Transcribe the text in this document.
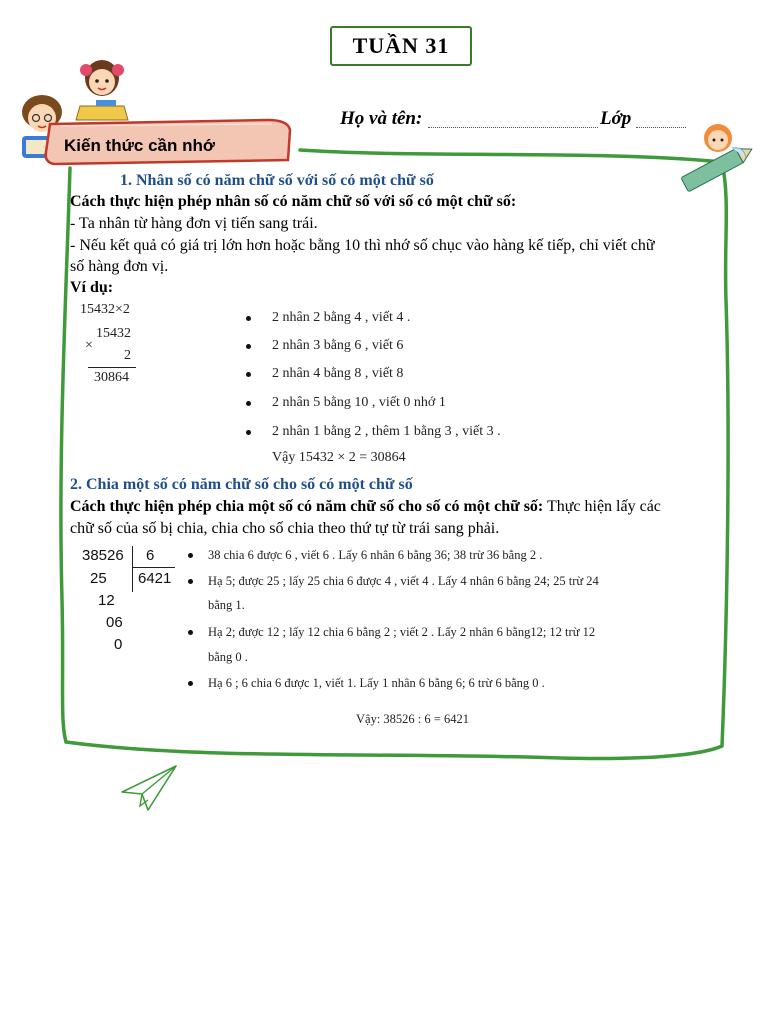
TUẦN 31
Kiến thức cần nhớ
Họ và tên:	Lớp
1. Nhân số có năm chữ số với số có một chữ số
Cách thực hiện phép nhân số có năm chữ số với số có một chữ số:
- Ta nhân từ hàng đơn vị tiến sang trái.
- Nếu kết quả có giá trị lớn hơn hoặc bằng 10 thì nhớ số chục vào hàng kế tiếp, chỉ viết chữ
số hàng đơn vị.
Ví dụ:
15432×2
15432
×
2
30864
2 nhân 2 bằng 4 , viết 4 .
2 nhân 3 bằng 6 , viết 6
2 nhân 4 bằng 8 , viết 8
2 nhân 5 bằng 10 , viết 0 nhớ 1
2 nhân 1 bằng 2 , thêm 1 bằng 3 , viết 3 .
Vậy 15432 × 2 = 30864
2. Chia một số có năm chữ số cho số có một chữ số
Cách thực hiện phép chia một số có năm chữ số cho số có một chữ số: Thực hiện lấy các
chữ số của số bị chia, chia cho số chia theo thứ tự từ trái sang phải.
38526 6
6421
25
12
06
0
38 chia 6 được 6 , viết 6 . Lấy 6 nhân 6 bằng 36; 38 trừ 36 bằng 2 .
Hạ 5; được 25 ; lấy 25 chia 6 được 4 , viết 4 . Lấy 4 nhân 6 bằng 24; 25 trừ 24
bằng 1.
Hạ 2; được 12 ; lấy 12 chia 6 bằng 2 ; viết 2 . Lấy 2 nhân 6 bằng12; 12 trừ 12
bằng 0 .
Hạ 6 ; 6 chia 6 được 1, viết 1. Lấy 1 nhân 6 bằng 6; 6 trừ 6 bằng 0 .
Vậy: 38526 : 6 = 6421
